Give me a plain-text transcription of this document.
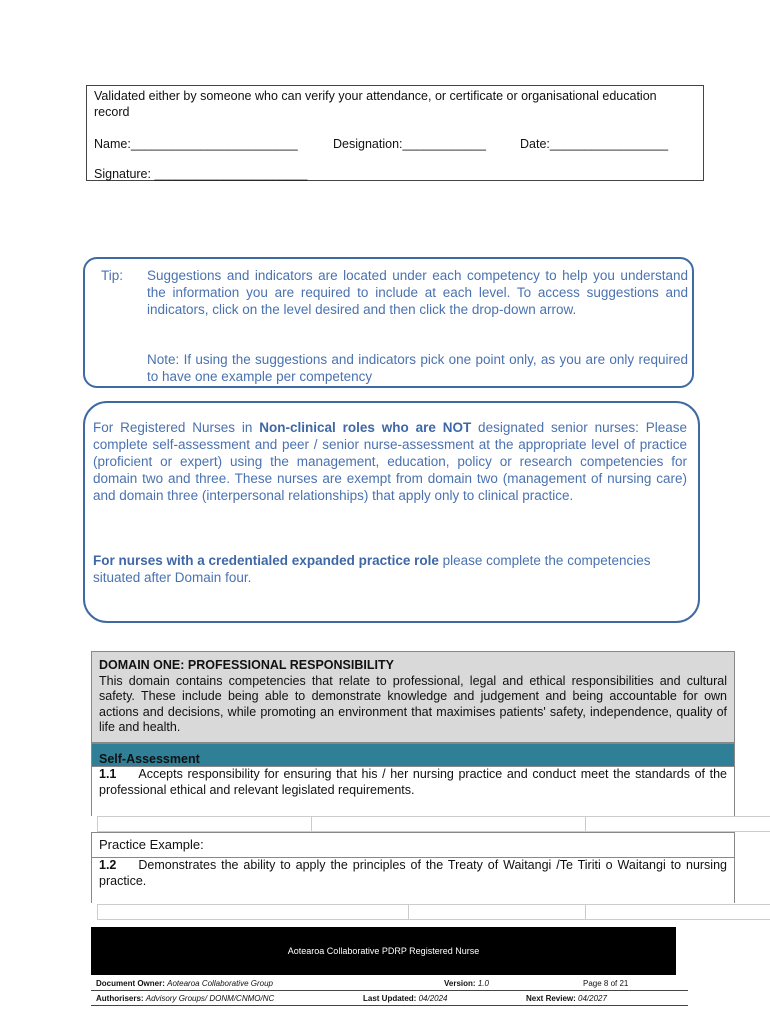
Validated either by someone who can verify your attendance, or certificate or organisational education record
Name:________________________	Designation:____________	Date:_________________
Signature: ______________________
Tip: Suggestions and indicators are located under each competency to help you understand the information you are required to include at each level. To access suggestions and indicators, click on the level desired and then click the drop-down arrow.
Note: If using the suggestions and indicators pick one point only, as you are only required to have one example per competency
For Registered Nurses in Non-clinical roles who are NOT designated senior nurses: Please complete self-assessment and peer / senior nurse-assessment at the appropriate level of practice (proficient or expert) using the management, education, policy or research competencies for domain two and three. These nurses are exempt from domain two (management of nursing care) and domain three (interpersonal relationships) that apply only to clinical practice.
For nurses with a credentialed expanded practice role please complete the competencies situated after Domain four.
DOMAIN ONE: PROFESSIONAL RESPONSIBILITY
This domain contains competencies that relate to professional, legal and ethical responsibilities and cultural safety. These include being able to demonstrate knowledge and judgement and being accountable for own actions and decisions, while promoting an environment that maximises patients' safety, independence, quality of life and health.
Self-Assessment
1.1 Accepts responsibility for ensuring that his / her nursing practice and conduct meet the standards of the professional ethical and relevant legislated requirements.
Practice Example:
1.2 Demonstrates the ability to apply the principles of the Treaty of Waitangi /Te Tiriti o Waitangi to nursing practice.
Aotearoa Collaborative PDRP Registered Nurse
Document Owner: Aotearoa Collaborative Group	Version: 1.0	Page 8 of 21
Authorisers: Advisory Groups/ DONM/CNMO/NC	Last Updated: 04/2024	Next Review: 04/2027
